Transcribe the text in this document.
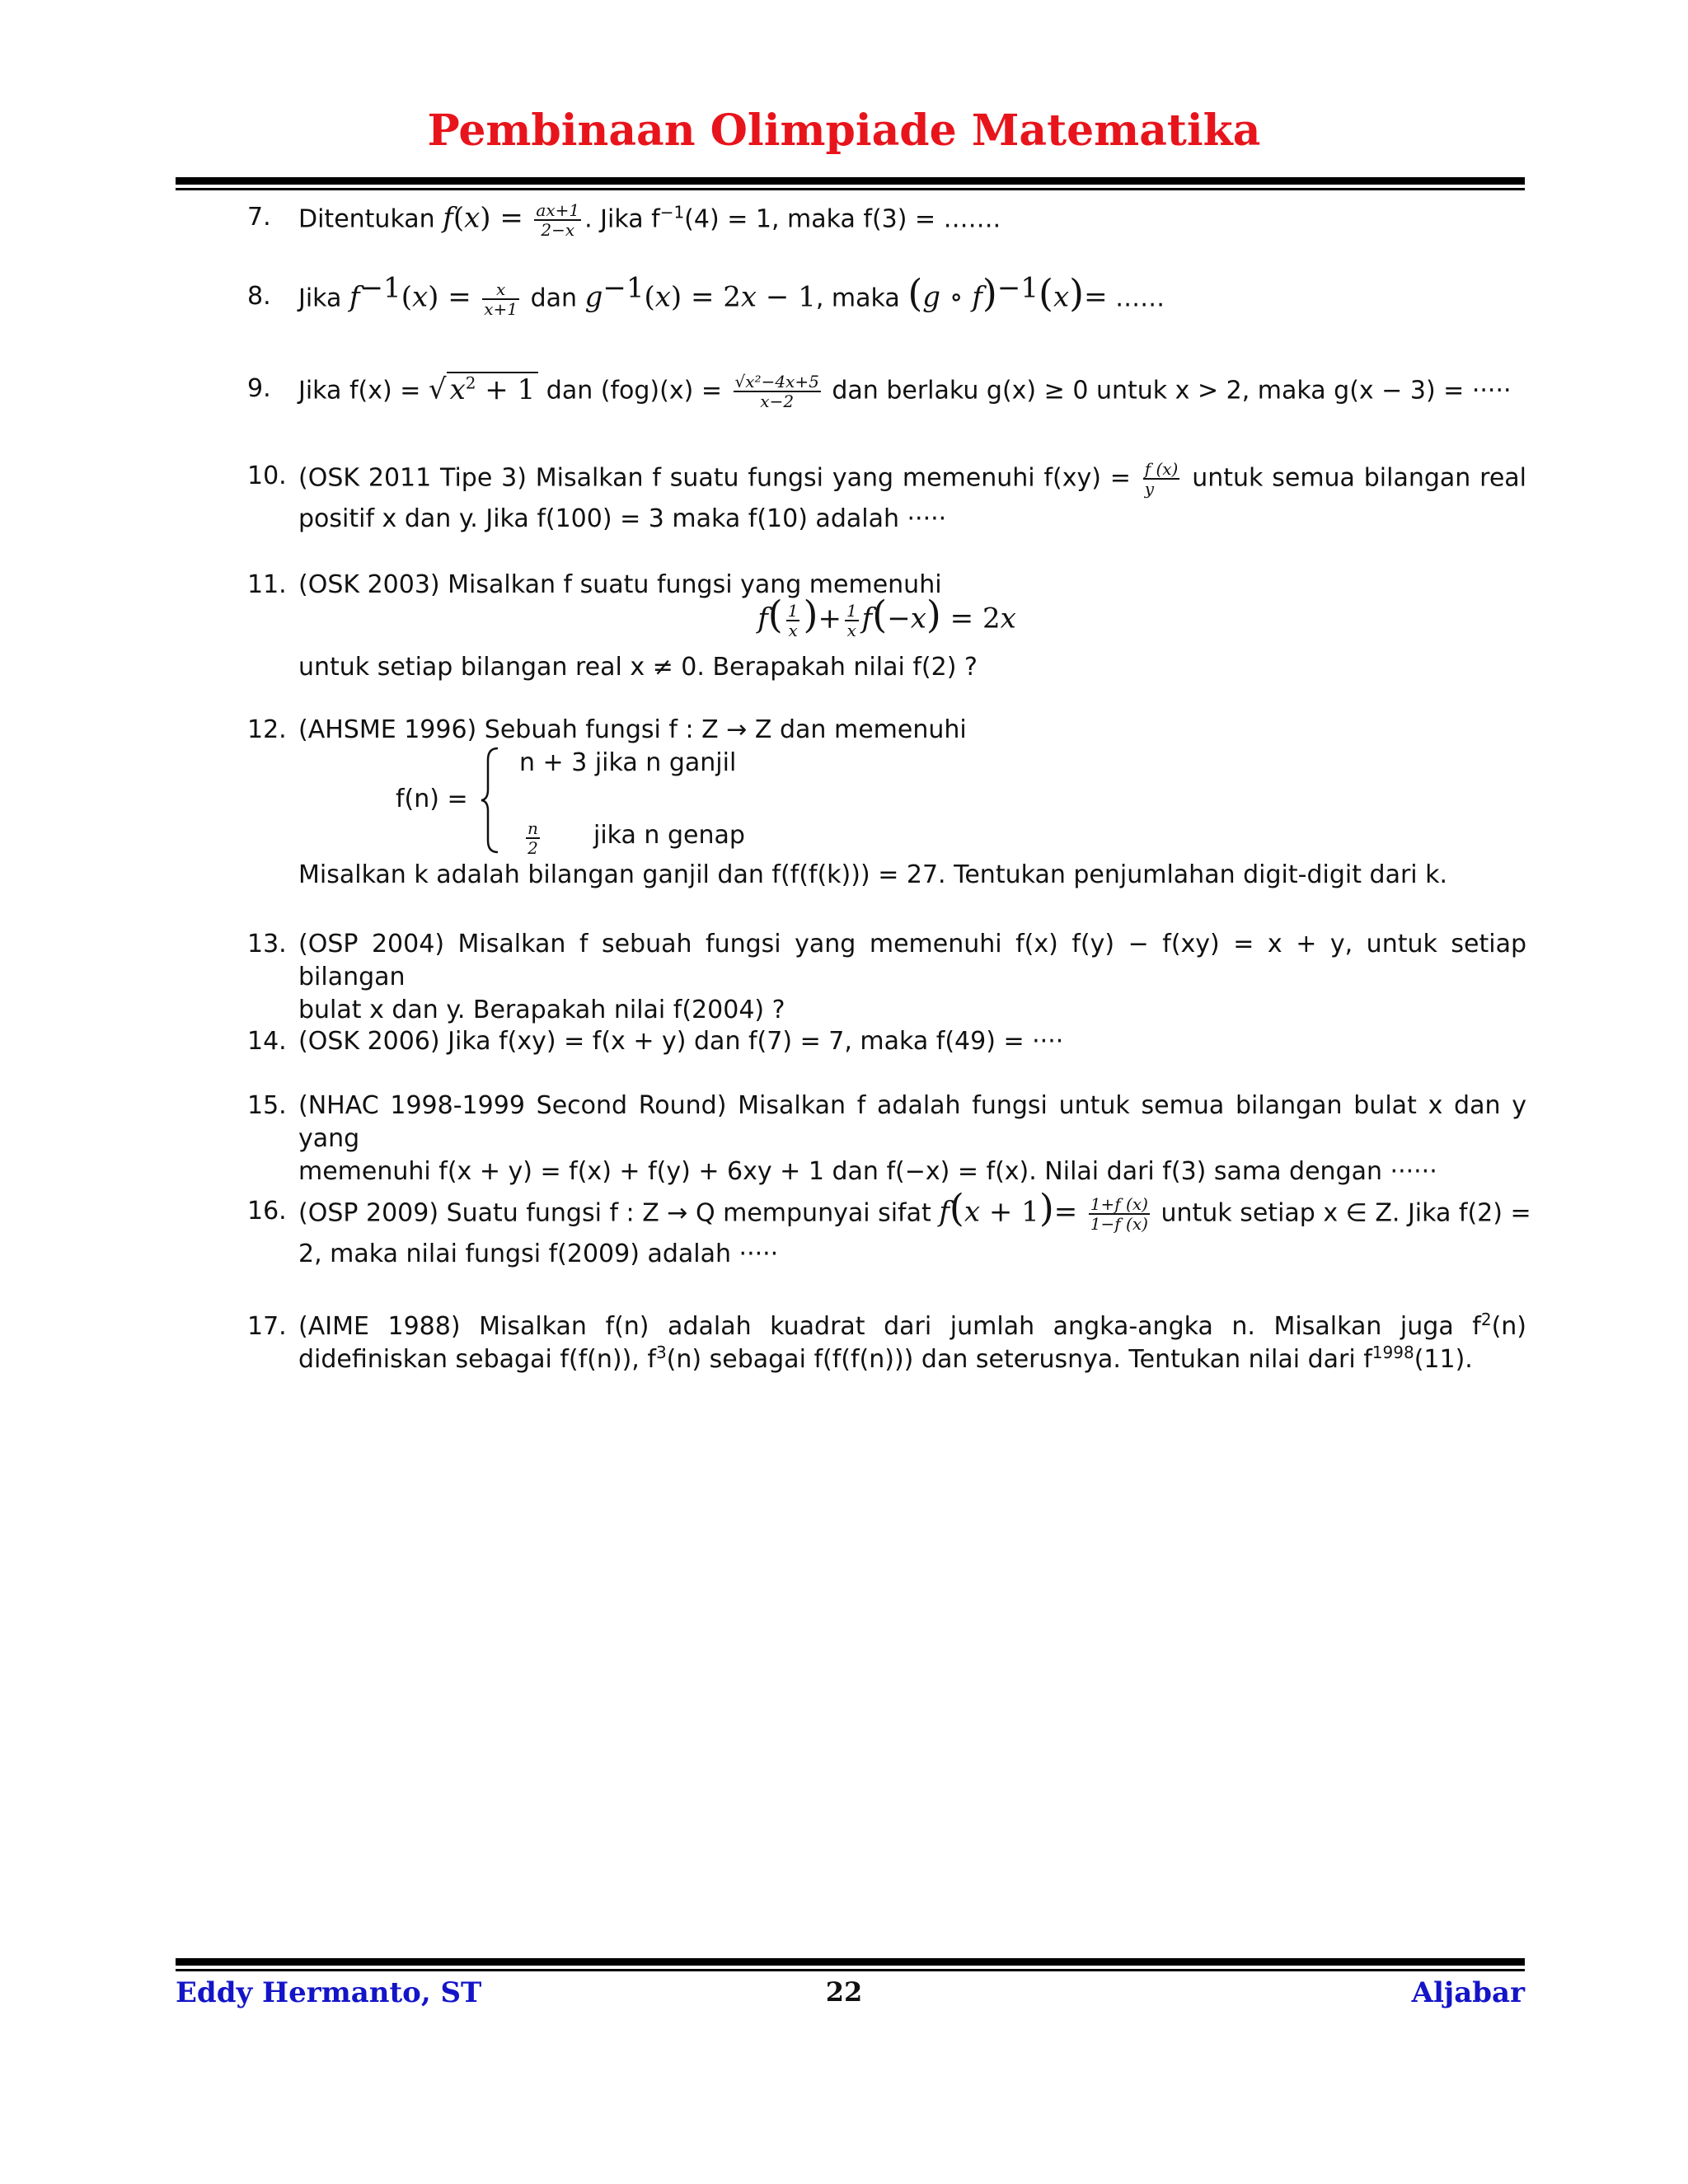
Pembinaan Olimpiade Matematika
7.	Ditentukan $f(x) = \frac{ax+1}{2-x}$ . Jika $f^{-1}(4) = 1$, maka f(3) = …….
8.	Jika $f^{-1}(x) = \frac{x}{x+1}$ dan $g^{-1}(x) = 2x - 1$, maka (g ∘ f)$^{-1}$(x)= ……
9.	Jika f(x) = √ $x^2 + 1$ dan $(fog)(x) = \frac{\text{√x²−4x+5}}{x-2}$ dan berlaku g(x) ≥ 0 untuk x > 2, maka g(x − 3) = ·····
10. (OSK 2011 Tipe 3) Misalkan f suatu fungsi yang memenuhi $f(xy) = \frac{f (x)}{y}$ untuk semua bilangan real
positif x dan y. Jika f(100) = 3 maka f(10) adalah ·····
11. (OSK 2003) Misalkan f suatu fungsi yang memenuhi
$f( \frac{1}{x}$ )+ $\frac{1}{x} f(-x) = 2x$
untuk setiap bilangan real x ≠ 0. Berapakah nilai f(2) ?
12. (AHSME 1996) Sebuah fungsi f : Z → Z dan memenuhi
f(n) =
n + 3 jika n ganjil
$\frac{n}{2}$ jika n genap
Misalkan k adalah bilangan ganjil dan f(f(f(k))) = 27. Tentukan penjumlahan digit-digit dari k.
13. (OSP 2004) Misalkan f sebuah fungsi yang memenuhi f(x) f(y) − f(xy) = x + y, untuk setiap bilangan
bulat x dan y. Berapakah nilai f(2004) ?
14. (OSK 2006) Jika f(xy) = f(x + y) dan f(7) = 7, maka f(49) = ····
15. (NHAC 1998-1999 Second Round) Misalkan f adalah fungsi untuk semua bilangan bulat x dan y yang
memenuhi f(x + y) = f(x) + f(y) + 6xy + 1 dan f(−x) = f(x). Nilai dari f(3) sama dengan ······
16. (OSP 2009) Suatu fungsi f : Z → Q mempunyai sifat $f(x + 1)= \frac{1+f (x)}{1-f (x)}$ untuk setiap x ∈ Z. Jika f(2) =
2, maka nilai fungsi f(2009) adalah ·····
17. (AIME 1988) Misalkan f(n) adalah kuadrat dari jumlah angka-angka n. Misalkan juga $f^2(n)$
didefiniskan sebagai f(f(n)), $f^3(n)$ sebagai f(f(f(n))) dan seterusnya. Tentukan nilai dari $f^{1998}(11)$.
Eddy Hermanto, ST	22	Aljabar
